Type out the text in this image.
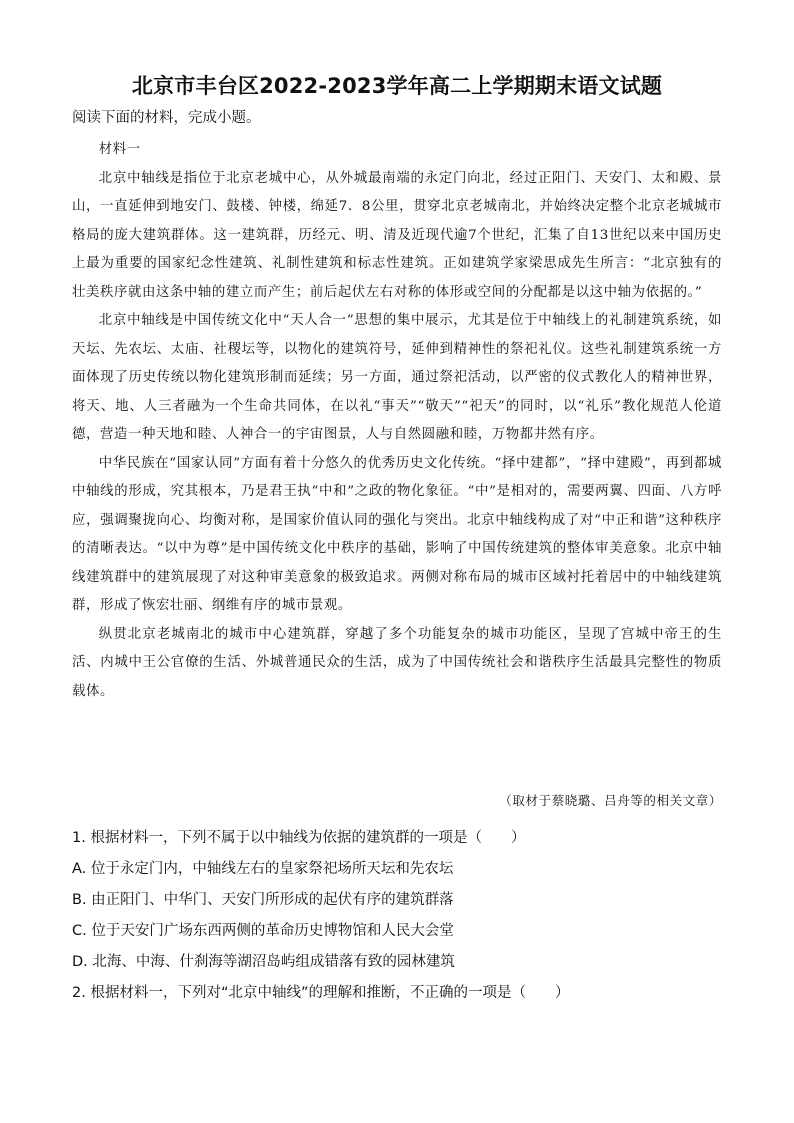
北京市丰台区2022-2023学年高二上学期期末语文试题
阅读下面的材料，完成小题。

材料一

北京中轴线是指位于北京老城中心，从外城最南端的永定门向北，经过正阳门、天安门、太和殿、景山，一直延伸到地安门、鼓楼、钟楼，绵延7．8公里，贯穿北京老城南北，并始终决定整个北京老城城市格局的庞大建筑群体。这一建筑群，历经元、明、清及近现代逾7个世纪，汇集了自13世纪以来中国历史上最为重要的国家纪念性建筑、礼制性建筑和标志性建筑。正如建筑学家梁思成先生所言：“北京独有的壮美秩序就由这条中轴的建立而产生；前后起伏左右对称的体形或空间的分配都是以这中轴为依据的。”

北京中轴线是中国传统文化中“天人合一”思想的集中展示，尤其是位于中轴线上的礼制建筑系统，如天坛、先农坛、太庙、社稷坛等，以物化的建筑符号，延伸到精神性的祭祀礼仪。这些礼制建筑系统一方面体现了历史传统以物化建筑形制而延续；另一方面，通过祭祀活动，以严密的仪式教化人的精神世界，将天、地、人三者融为一个生命共同体，在以礼“事天”“敬天”“祀天”的同时，以“礼乐”教化规范人伦道德，营造一种天地和睦、人神合一的宇宙图景，人与自然圆融和睦，万物都井然有序。

中华民族在“国家认同”方面有着十分悠久的优秀历史文化传统。“择中建都”，“择中建殿”，再到都城中轴线的形成，究其根本，乃是君王执“中和”之政的物化象征。“中”是相对的，需要两翼、四面、八方呼应，强调聚拢向心、均衡对称，是国家价值认同的强化与突出。北京中轴线构成了对“中正和谐”这种秩序的清晰表达。“以中为尊”是中国传统文化中秩序的基础，影响了中国传统建筑的整体审美意象。北京中轴线建筑群中的建筑展现了对这种审美意象的极致追求。两侧对称布局的城市区域衬托着居中的中轴线建筑群，形成了恢宏壮丽、纲维有序的城市景观。

纵贯北京老城南北的城市中心建筑群，穿越了多个功能复杂的城市功能区，呈现了宫城中帝王的生活、内城中王公官僚的生活、外城普通民众的生活，成为了中国传统社会和谐秩序生活最具完整性的物质载体。

（取材于蔡晓璐、吕舟等的相关文章）
1. 根据材料一，下列不属于以中轴线为依据的建筑群的一项是（　　）
A. 位于永定门内，中轴线左右的皇家祭祀场所天坛和先农坛
B. 由正阳门、中华门、天安门所形成的起伏有序的建筑群落
C. 位于天安门广场东西两侧的革命历史博物馆和人民大会堂
D. 北海、中海、什刹海等湖沼岛屿组成错落有致的园林建筑
2. 根据材料一，下列对“北京中轴线”的理解和推断，不正确的一项是（　　）
